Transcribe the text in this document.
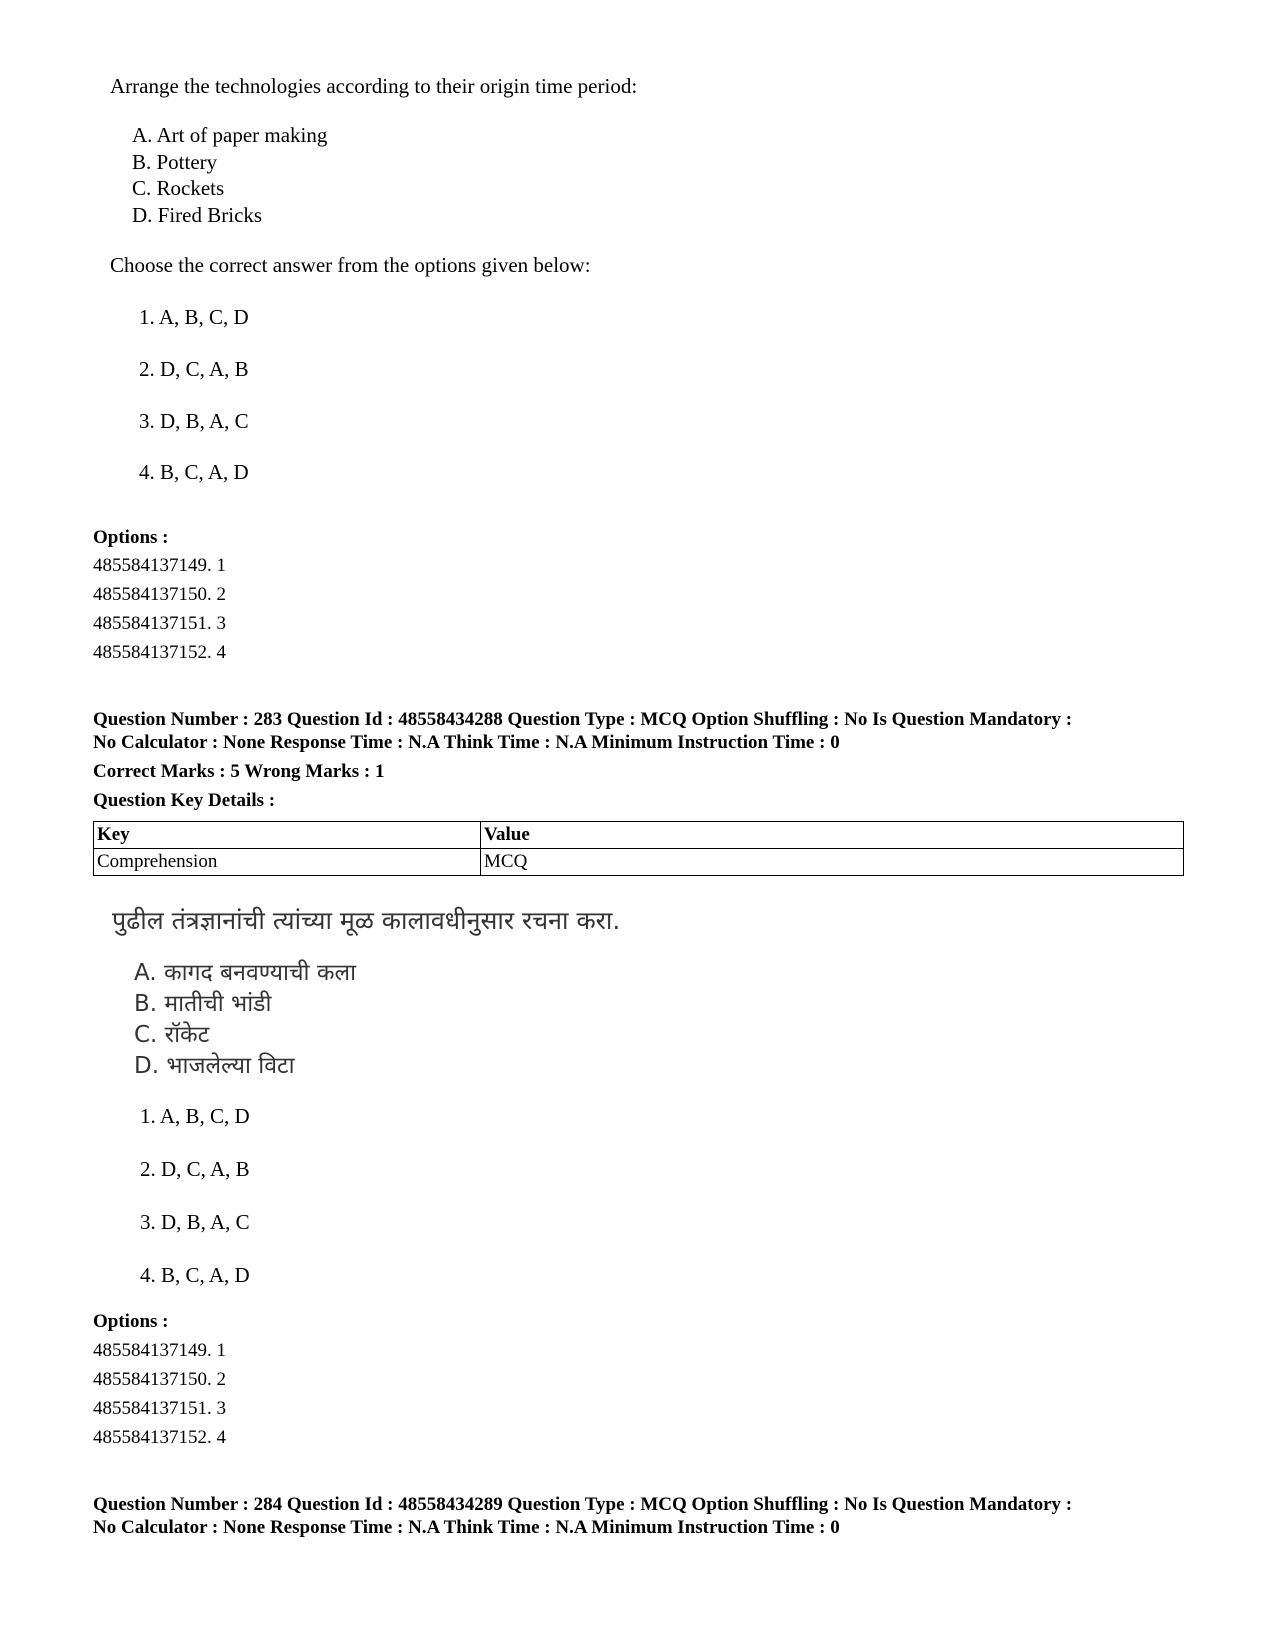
Arrange the technologies according to their origin time period:
A. Art of paper making
B. Pottery
C. Rockets
D. Fired Bricks
Choose the correct answer from the options given below:
1. A, B, C, D
2. D, C, A, B
3. D, B, A, C
4. B, C, A, D
Options :
485584137149. 1
485584137150. 2
485584137151. 3
485584137152. 4
Question Number : 283 Question Id : 48558434288 Question Type : MCQ Option Shuffling : No Is Question Mandatory :
No Calculator : None Response Time : N.A Think Time : N.A Minimum Instruction Time : 0
Correct Marks : 5 Wrong Marks : 1
Question Key Details :
Key	Value
Comprehension	MCQ
पुढील तंत्रज्ञानांची त्यांच्या मूळ कालावधीनुसार रचना करा.
A. कागद बनवण्याची कला
B. मातीची भांडी
C. रॉकेट
D. भाजलेल्या विटा
1. A, B, C, D
2. D, C, A, B
3. D, B, A, C
4. B, C, A, D
Options :
485584137149. 1
485584137150. 2
485584137151. 3
485584137152. 4
Question Number : 284 Question Id : 48558434289 Question Type : MCQ Option Shuffling : No Is Question Mandatory :
No Calculator : None Response Time : N.A Think Time : N.A Minimum Instruction Time : 0
